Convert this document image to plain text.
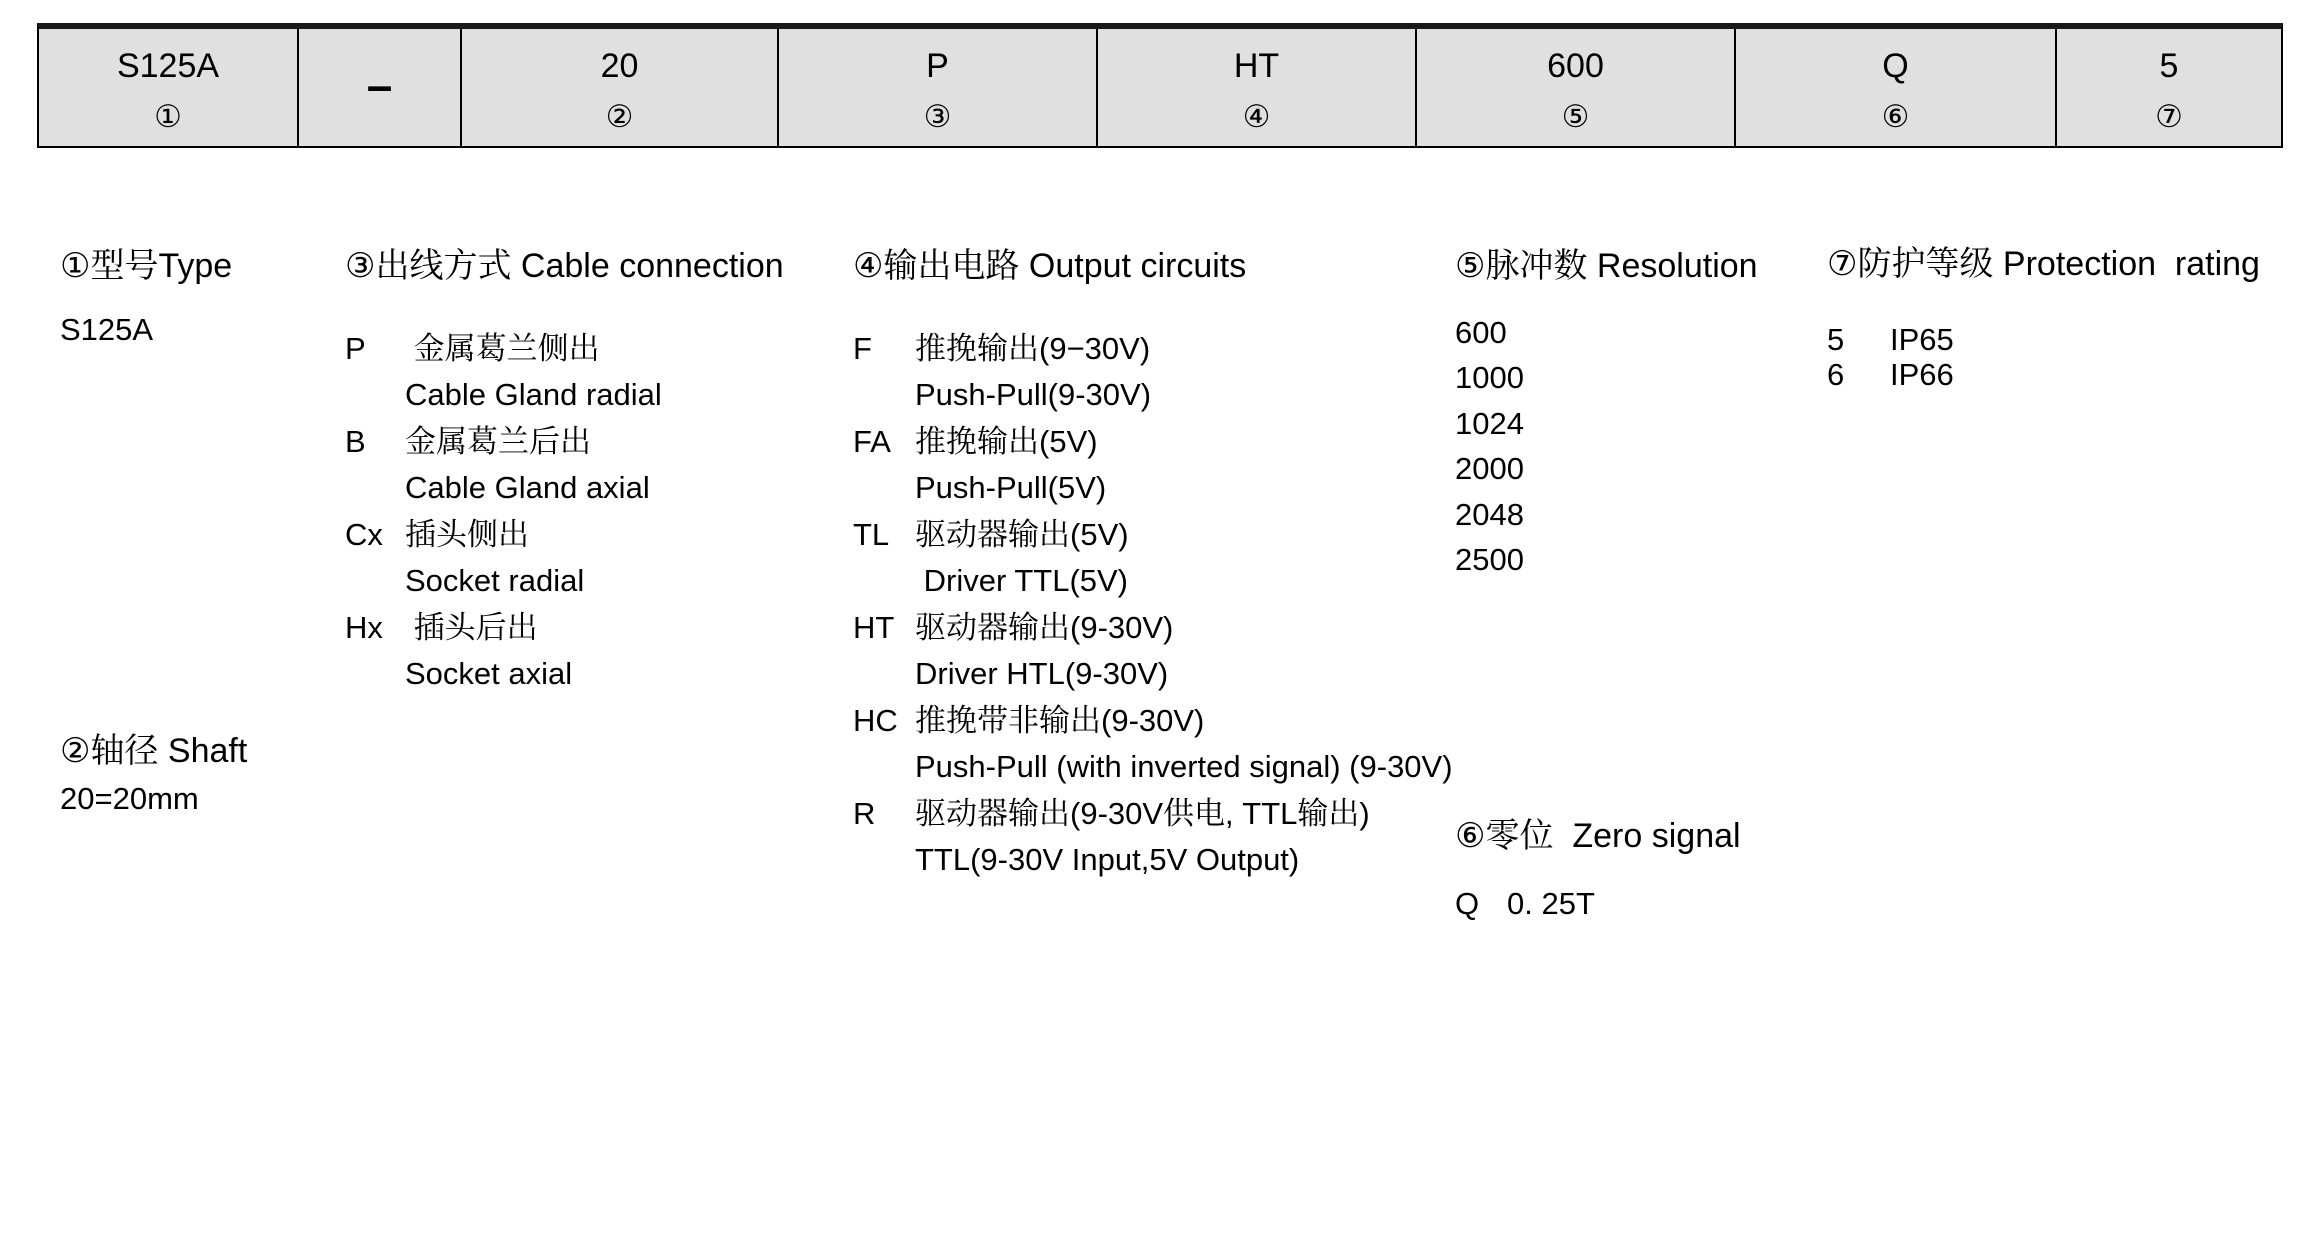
S125A
①
–	20
②
P
③
HT
④
600
⑤
Q
⑥
5
⑦
①型号Type
S125A
②轴径 Shaft
20=20mm
③出线方式 Cable connection
P 金属葛兰侧出
Cable Gland radial
B 金属葛兰后出
Cable Gland axial
Cx 插头侧出
Socket radial
Hx 插头后出
Socket axial
④输出电路 Output circuits
F 推挽输出(9−30V)
Push-Pull(9-30V)
FA 推挽输出(5V)
Push-Pull(5V)
TL 驱动器输出(5V)
Driver TTL(5V)
HT 驱动器输出(9-30V)
Driver HTL(9-30V)
HC 推挽带非输出(9-30V)
Push-Pull (with inverted signal) (9-30V)
R 驱动器输出(9-30V供电, TTL输出)
TTL(9-30V Input,5V Output)
⑤脉冲数 Resolution
600
1000
1024
2000
2048
2500
⑥零位  Zero signal
Q 0. 25T
⑦防护等级 Protection  rating
5 IP65
6 IP66
